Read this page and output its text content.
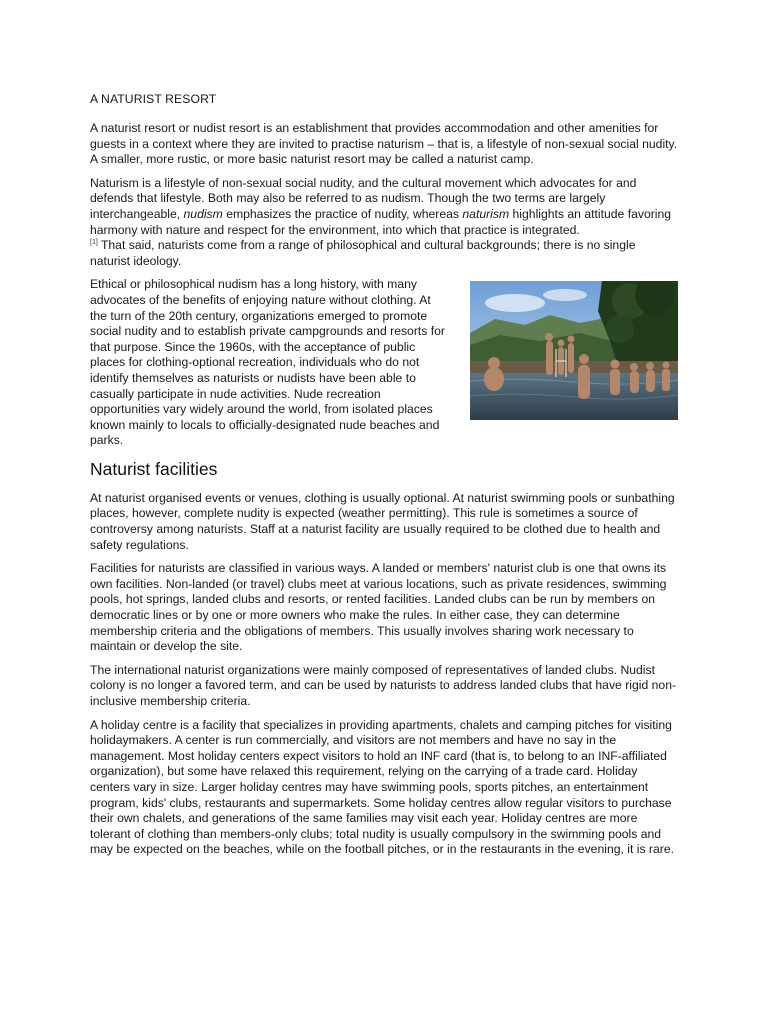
A NATURIST RESORT

A naturist resort or nudist resort is an establishment that provides accommodation and other amenities for guests in a context where they are invited to practise naturism – that is, a lifestyle of non-sexual social nudity. A smaller, more rustic, or more basic naturist resort may be called a naturist camp.

Naturism is a lifestyle of non-sexual social nudity, and the cultural movement which advocates for and defends that lifestyle. Both may also be referred to as nudism. Though the two terms are largely interchangeable, nudism emphasizes the practice of nudity, whereas naturism highlights an attitude favoring harmony with nature and respect for the environment, into which that practice is integrated.
[1] That said, naturists come from a range of philosophical and cultural backgrounds; there is no single naturist ideology.

Ethical or philosophical nudism has a long history, with many advocates of the benefits of enjoying nature without clothing. At the turn of the 20th century, organizations emerged to promote social nudity and to establish private campgrounds and resorts for that purpose. Since the 1960s, with the acceptance of public places for clothing-optional recreation, individuals who do not identify themselves as naturists or nudists have been able to casually participate in nude activities. Nude recreation opportunities vary widely around the world, from isolated places known mainly to locals to officially-designated nude beaches and parks.

Naturist facilities

At naturist organised events or venues, clothing is usually optional. At naturist swimming pools or sunbathing places, however, complete nudity is expected (weather permitting). This rule is sometimes a source of controversy among naturists. Staff at a naturist facility are usually required to be clothed due to health and safety regulations.

Facilities for naturists are classified in various ways. A landed or members' naturist club is one that owns its own facilities. Non-landed (or travel) clubs meet at various locations, such as private residences, swimming pools, hot springs, landed clubs and resorts, or rented facilities. Landed clubs can be run by members on democratic lines or by one or more owners who make the rules. In either case, they can determine membership criteria and the obligations of members. This usually involves sharing work necessary to maintain or develop the site.

The international naturist organizations were mainly composed of representatives of landed clubs. Nudist colony is no longer a favored term, and can be used by naturists to address landed clubs that have rigid non-inclusive membership criteria.

A holiday centre is a facility that specializes in providing apartments, chalets and camping pitches for visiting holidaymakers. A center is run commercially, and visitors are not members and have no say in the management. Most holiday centers expect visitors to hold an INF card (that is, to belong to an INF-affiliated organization), but some have relaxed this requirement, relying on the carrying of a trade card. Holiday centers vary in size. Larger holiday centres may have swimming pools, sports pitches, an entertainment program, kids' clubs, restaurants and supermarkets. Some holiday centres allow regular visitors to purchase their own chalets, and generations of the same families may visit each year. Holiday centres are more tolerant of clothing than members-only clubs; total nudity is usually compulsory in the swimming pools and may be expected on the beaches, while on the football pitches, or in the restaurants in the evening, it is rare.
